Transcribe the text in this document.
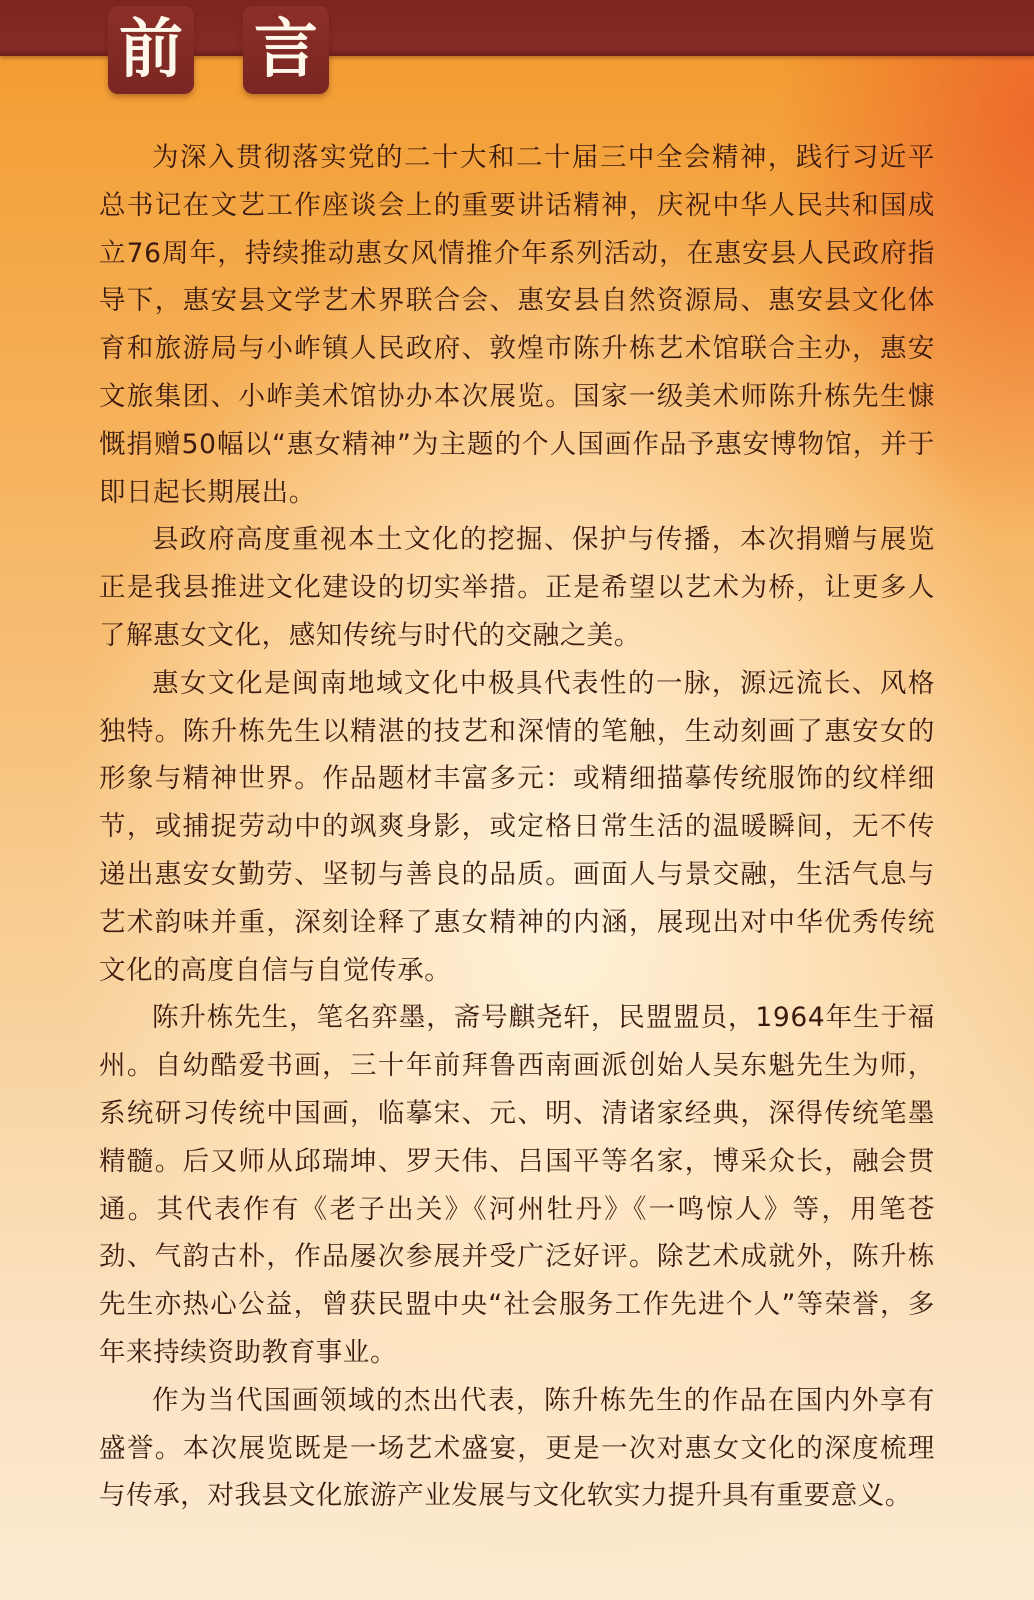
前 言

为深入贯彻落实党的二十大和二十届三中全会精神，践行习近平总书记在文艺工作座谈会上的重要讲话精神，庆祝中华人民共和国成立76周年，持续推动惠女风情推介年系列活动，在惠安县人民政府指导下，惠安县文学艺术界联合会、惠安县自然资源局、惠安县文化体育和旅游局与小岞镇人民政府、敦煌市陈升栋艺术馆联合主办，惠安文旅集团、小岞美术馆协办本次展览。国家一级美术师陈升栋先生慷慨捐赠50幅以“惠女精神”为主题的个人国画作品予惠安博物馆，并于即日起长期展出。

县政府高度重视本土文化的挖掘、保护与传播，本次捐赠与展览正是我县推进文化建设的切实举措。正是希望以艺术为桥，让更多人了解惠女文化，感知传统与时代的交融之美。

惠女文化是闽南地域文化中极具代表性的一脉，源远流长、风格独特。陈升栋先生以精湛的技艺和深情的笔触，生动刻画了惠安女的形象与精神世界。作品题材丰富多元：或精细描摹传统服饰的纹样细节，或捕捉劳动中的飒爽身影，或定格日常生活的温暖瞬间，无不传递出惠安女勤劳、坚韧与善良的品质。画面人与景交融，生活气息与艺术韵味并重，深刻诠释了惠女精神的内涵，展现出对中华优秀传统文化的高度自信与自觉传承。

陈升栋先生，笔名弈墨，斋号麒尧轩，民盟盟员，1964年生于福州。自幼酷爱书画，三十年前拜鲁西南画派创始人吴东魁先生为师，系统研习传统中国画，临摹宋、元、明、清诸家经典，深得传统笔墨精髓。后又师从邱瑞坤、罗天伟、吕国平等名家，博采众长，融会贯通。其代表作有《老子出关》《河州牡丹》《一鸣惊人》等，用笔苍劲、气韵古朴，作品屡次参展并受广泛好评。除艺术成就外，陈升栋先生亦热心公益，曾获民盟中央“社会服务工作先进个人”等荣誉，多年来持续资助教育事业。

作为当代国画领域的杰出代表，陈升栋先生的作品在国内外享有盛誉。本次展览既是一场艺术盛宴，更是一次对惠女文化的深度梳理与传承，对我县文化旅游产业发展与文化软实力提升具有重要意义。
